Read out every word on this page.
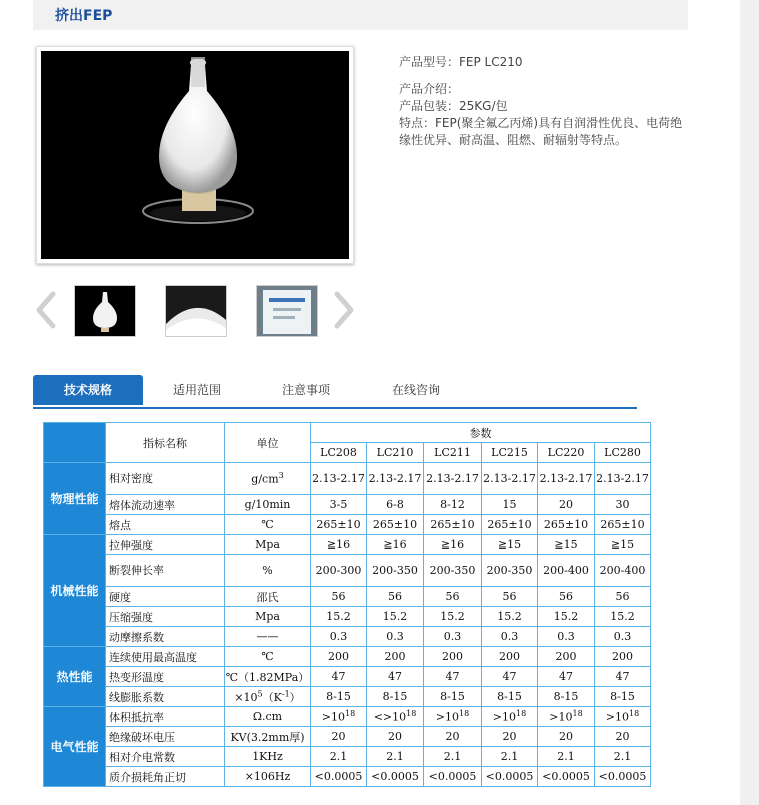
挤出FEP
产品型号：FEP LC210
产品介绍：
产品包装：25KG/包
特点：FEP(聚全氟乙丙烯)具有自润滑性优良、电荷绝缘性优异、耐高温、阻燃、耐辐射等特点。
技术规格	适用范围	注意事项	在线咨询
	指标名称	单位	参数					
			LC208	LC210	LC211	LC215	LC220	LC280
物理性能	相对密度	$g/cm^3$	2.13-2.17	2.13-2.17	2.13-2.17	2.13-2.17	2.13-2.17	2.13-2.17
	熔体流动速率	g/10min	3-5	6-8	8-12	15	20	30
	熔点	℃	265±10	265±10	265±10	265±10	265±10	265±10
机械性能	拉伸强度	Mpa	≧16	≧16	≧16	≧15	≧15	≧15
	断裂伸长率	%	200-300	200-350	200-350	200-350	200-400	200-400
	硬度	邵氏	56	56	56	56	56	56
	压缩强度	Mpa	15.2	15.2	15.2	15.2	15.2	15.2
	动摩擦系数	——	0.3	0.3	0.3	0.3	0.3	0.3
热性能	连续使用最高温度	℃	200	200	200	200	200	200
	热变形温度	℃（1.82MPa）	47	47	47	47	47	47
	线膨胀系数	$\times 10^5(K^{-1})$	8-15	8-15	8-15	8-15	8-15	8-15
电气性能	体积抵抗率	Ω.cm	$>10^{18}$	$<>10^{18}$	$>10^{18}$	$>10^{18}$	$>10^{18}$	$>10^{18}$
	绝缘破坏电压	KV(3.2mm厚)	20	20	20	20	20	20
	相对介电常数	1KHz	2.1	2.1	2.1	2.1	2.1	2.1
	质介损耗角正切	×106Hz	<0.0005	<0.0005	<0.0005	<0.0005	<0.0005	<0.0005
